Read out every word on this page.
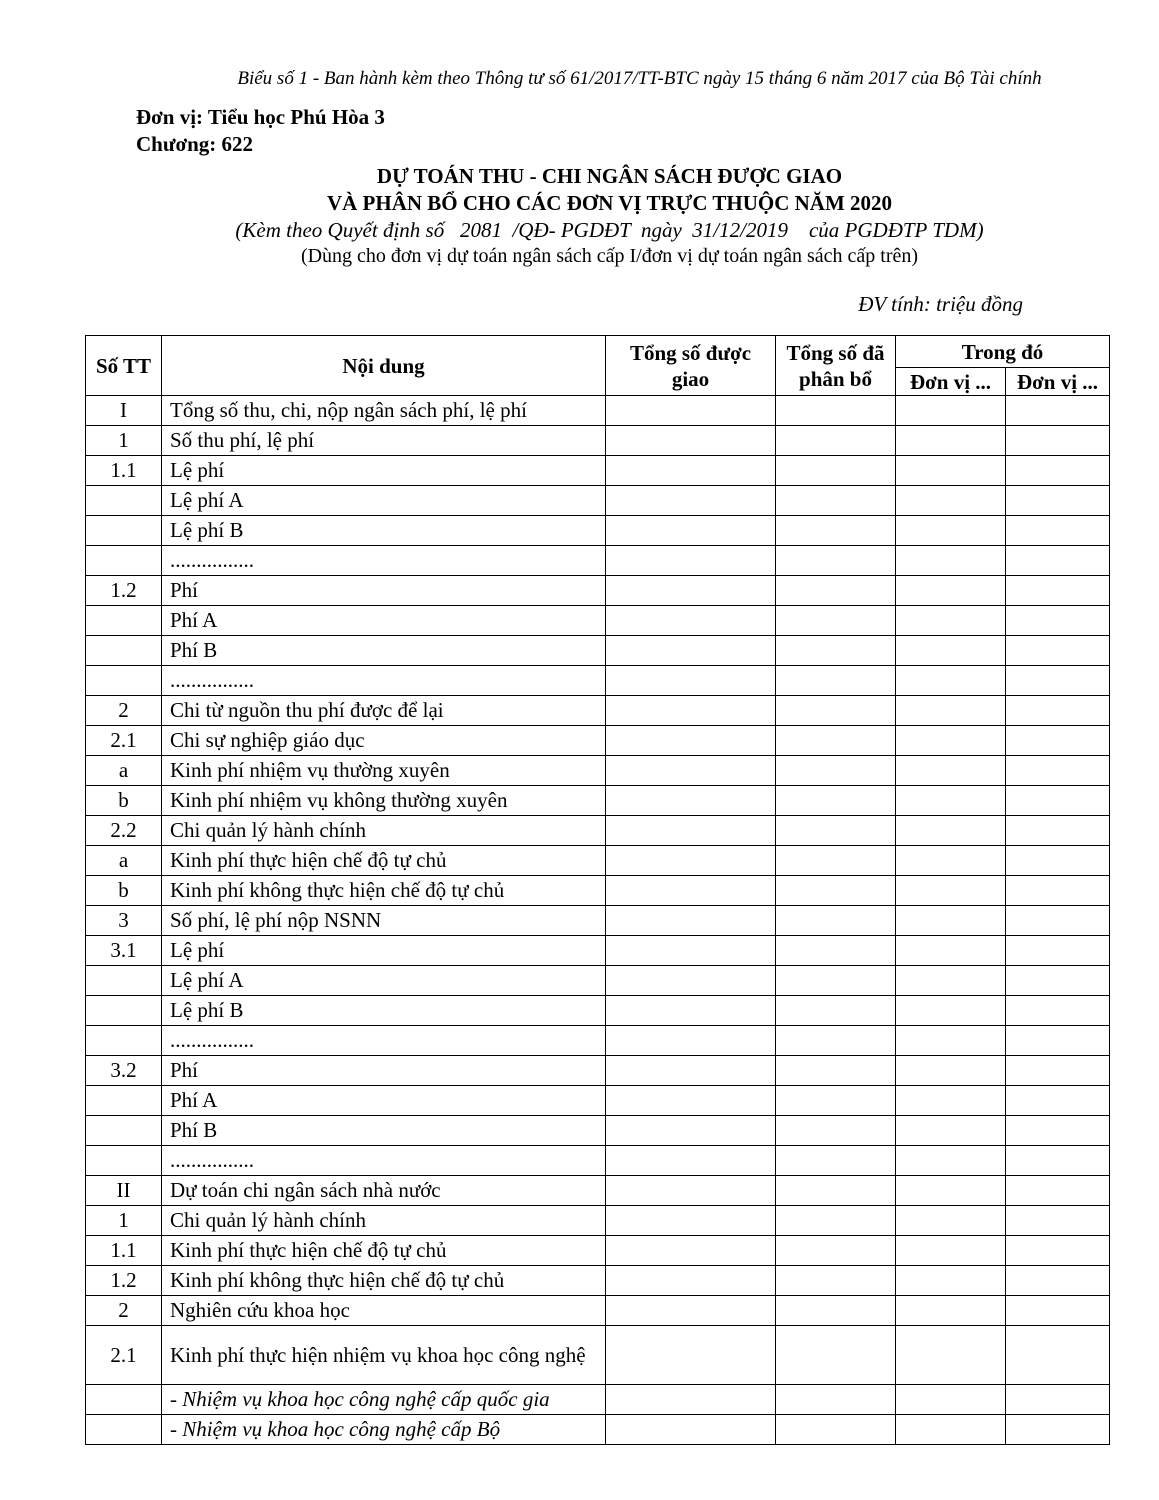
Biểu số 1 - Ban hành kèm theo Thông tư số 61/2017/TT-BTC ngày 15 tháng 6 năm 2017 của Bộ Tài chính
Đơn vị: Tiểu học Phú Hòa 3
Chương: 622
DỰ TOÁN THU - CHI NGÂN SÁCH ĐƯỢC GIAO
VÀ PHÂN BỔ CHO CÁC ĐƠN VỊ TRỰC THUỘC NĂM 2020
(Kèm theo Quyết định số   2081  /QĐ- PGDĐT  ngày  31/12/2019    của PGDĐTP TDM)
(Dùng cho đơn vị dự toán ngân sách cấp I/đơn vị dự toán ngân sách cấp trên)
ĐV tính: triệu đồng
Số TT	Nội dung	Tổng số được giao	Tổng số đã phân bổ	Trong đó	
				Đơn vị ...	Đơn vị ...
I	Tổng số thu, chi, nộp ngân sách phí, lệ phí				
1	Số thu phí, lệ phí				
1.1	Lệ phí				
	Lệ phí A				
	Lệ phí B				
	................				
1.2	Phí				
	Phí A				
	Phí B				
	................				
2	Chi từ nguồn thu phí được để lại				
2.1	Chi sự nghiệp giáo dục				
a	Kinh phí nhiệm vụ thường xuyên				
b	Kinh phí nhiệm vụ không thường xuyên				
2.2	Chi quản lý hành chính				
a	Kinh phí thực hiện chế độ tự chủ				
b	Kinh phí không thực hiện chế độ tự chủ				
3	Số phí, lệ phí nộp NSNN				
3.1	Lệ phí				
	Lệ phí A				
	Lệ phí B				
	................				
3.2	Phí				
	Phí A				
	Phí B				
	................				
II	Dự toán chi ngân sách nhà nước				
1	Chi quản lý hành chính				
1.1	Kinh phí thực hiện chế độ tự chủ				
1.2	Kinh phí không thực hiện chế độ tự chủ				
2	Nghiên cứu khoa học				
2.1	Kinh phí thực hiện nhiệm vụ khoa học công nghệ				
	- Nhiệm vụ khoa học công nghệ cấp quốc gia				
	- Nhiệm vụ khoa học công nghệ cấp Bộ				
